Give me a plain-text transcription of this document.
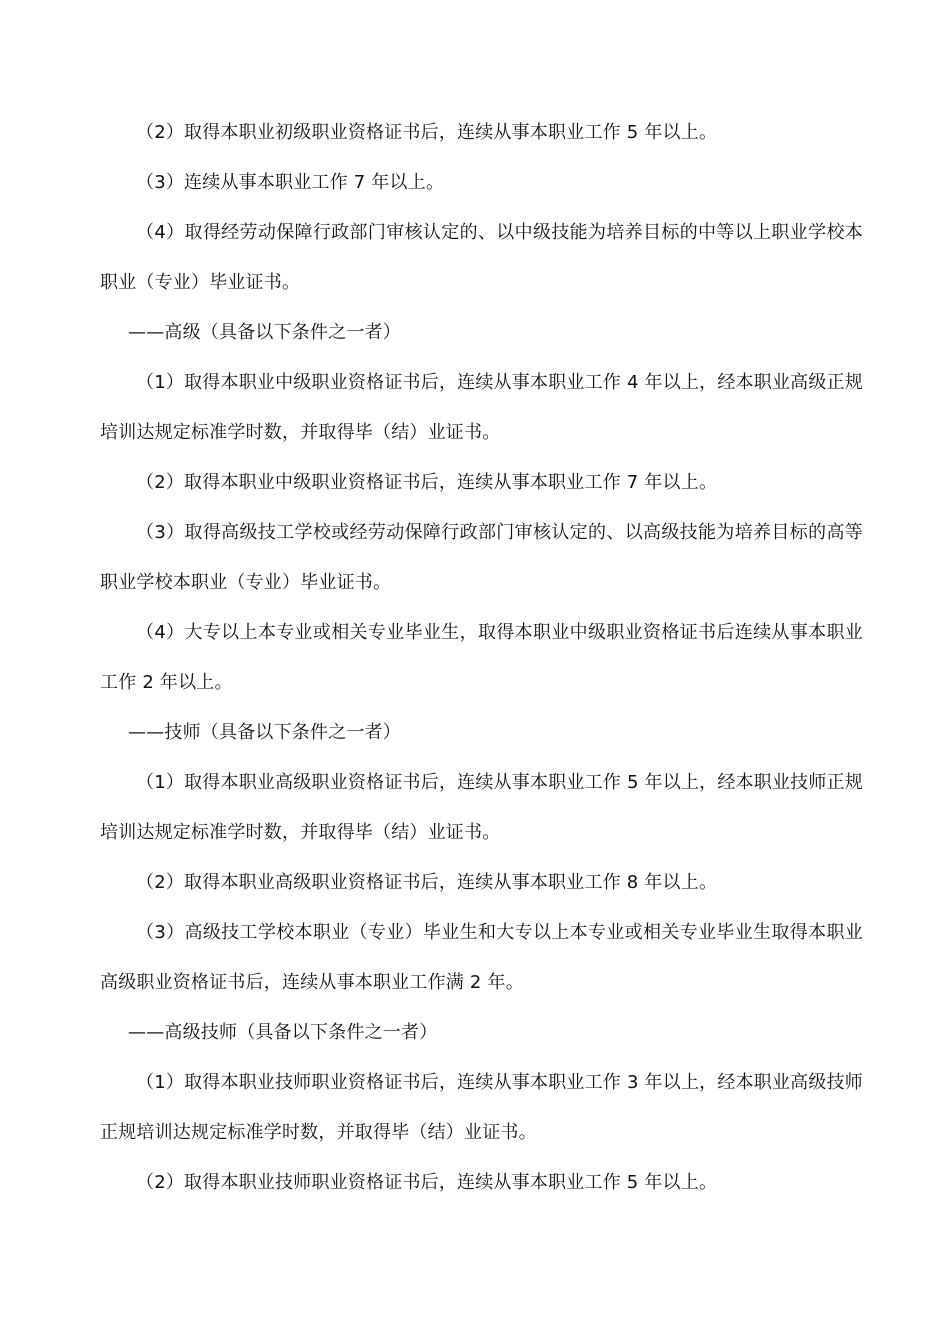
（2）取得本职业初级职业资格证书后，连续从事本职业工作 5 年以上。

（3）连续从事本职业工作 7 年以上。

（4）取得经劳动保障行政部门审核认定的、以中级技能为培养目标的中等以上职业学校本职业（专业）毕业证书。

——高级（具备以下条件之一者）

（1）取得本职业中级职业资格证书后，连续从事本职业工作 4 年以上，经本职业高级正规培训达规定标准学时数，并取得毕（结）业证书。

（2）取得本职业中级职业资格证书后，连续从事本职业工作 7 年以上。

（3）取得高级技工学校或经劳动保障行政部门审核认定的、以高级技能为培养目标的高等职业学校本职业（专业）毕业证书。

（4）大专以上本专业或相关专业毕业生，取得本职业中级职业资格证书后连续从事本职业工作 2 年以上。

——技师（具备以下条件之一者）

（1）取得本职业高级职业资格证书后，连续从事本职业工作 5 年以上，经本职业技师正规培训达规定标准学时数，并取得毕（结）业证书。

（2）取得本职业高级职业资格证书后，连续从事本职业工作 8 年以上。

（3）高级技工学校本职业（专业）毕业生和大专以上本专业或相关专业毕业生取得本职业高级职业资格证书后，连续从事本职业工作满 2 年。

——高级技师（具备以下条件之一者）

（1）取得本职业技师职业资格证书后，连续从事本职业工作 3 年以上，经本职业高级技师正规培训达规定标准学时数，并取得毕（结）业证书。

（2）取得本职业技师职业资格证书后，连续从事本职业工作 5 年以上。
